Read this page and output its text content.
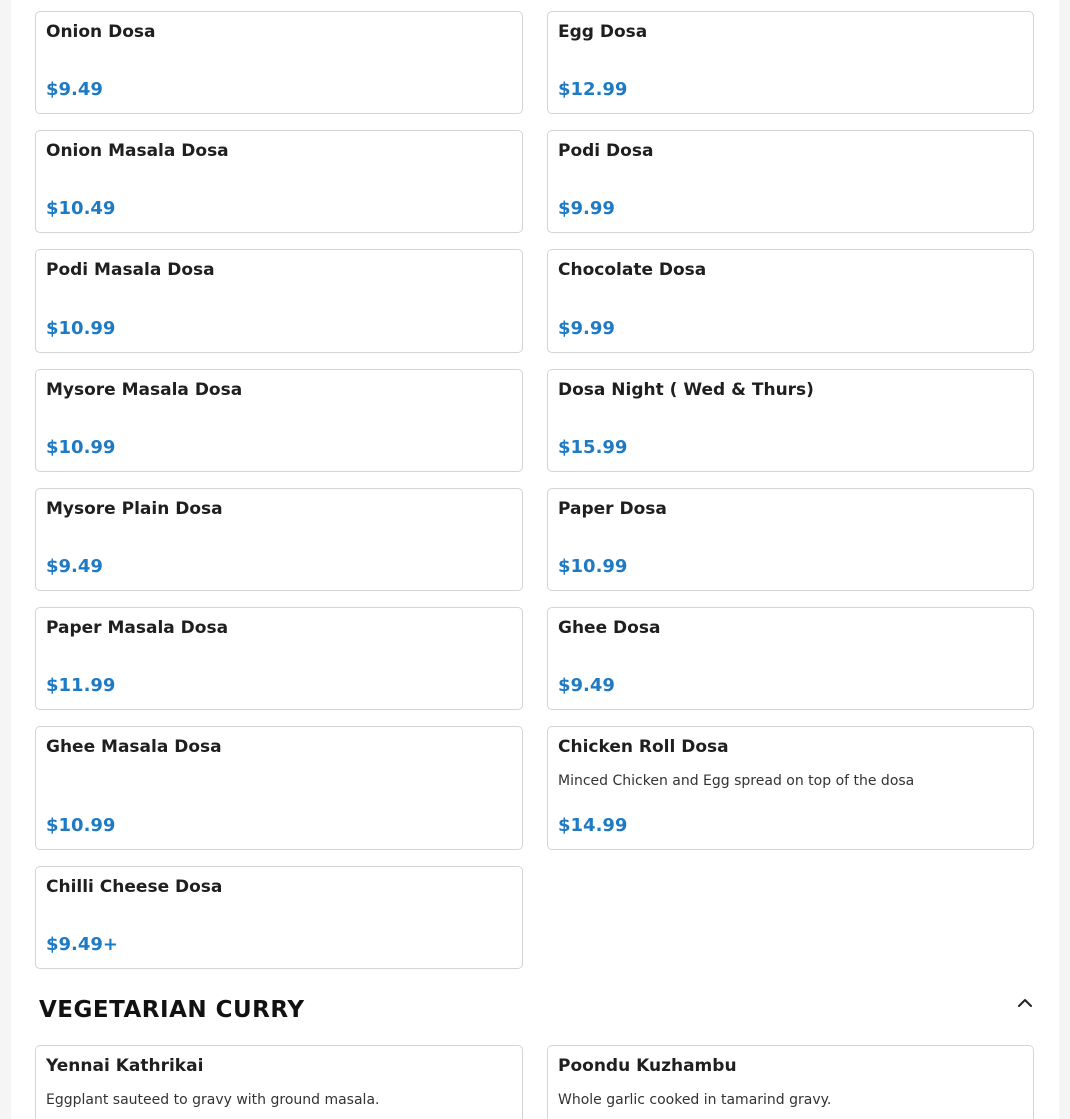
Onion Dosa
$9.49
Egg Dosa
$12.99
Onion Masala Dosa
$10.49
Podi Dosa
$9.99
Podi Masala Dosa
$10.99
Chocolate Dosa
$9.99
Mysore Masala Dosa
$10.99
Dosa Night ( Wed & Thurs)
$15.99
Mysore Plain Dosa
$9.49
Paper Dosa
$10.99
Paper Masala Dosa
$11.99
Ghee Dosa
$9.49
Ghee Masala Dosa
$10.99
Chicken Roll Dosa
Minced Chicken and Egg spread on top of the dosa
$14.99
Chilli Cheese Dosa
$9.49+
VEGETARIAN CURRY
Yennai Kathrikai
Eggplant sauteed to gravy with ground masala.
Poondu Kuzhambu
Whole garlic cooked in tamarind gravy.
